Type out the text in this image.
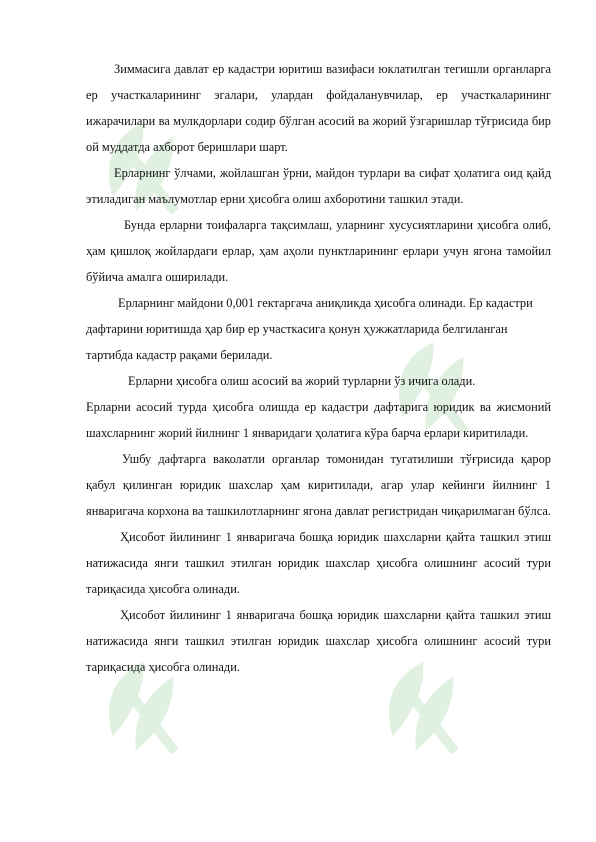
Зиммасига давлат ер кадастри юритиш вазифаси юклатилган тегишли органларга ер участкаларининг эгалари, улардан фойдаланувчилар, ер участкаларининг ижарачилари ва мулкдорлари содир бўлган асосий ва жорий ўзгаришлар тўғрисида бир ой муддатда ахборот беришлари шарт.

Ерларнинг ўлчами, жойлашган ўрни, майдон турлари ва сифат ҳолатига оид қайд этиладиган маълумотлар ерни ҳисобга олиш ахборотини ташкил этади.

Бунда ерларни тоифаларга тақсимлаш, уларнинг хусусиятларини ҳисобга олиб, ҳам қишлоқ жойлардаги ерлар, ҳам аҳоли пунктларининг ерлари учун ягона тамойил бўйича амалга оширилади.

Ерларнинг майдони 0,001 гектаргача аниқликда ҳисобга олинади. Ер кадастри дафтарини юритишда ҳар бир ер участкасига қонун ҳужжатларида белгиланган тартибда кадастр рақами берилади.

Ерларни ҳисобга олиш асосий ва жорий турларни ўз ичига олади.

Ерларни асосий турда ҳисобга олишда ер кадастри дафтарига юридик ва жисмоний шахсларнинг жорий йилнинг 1 январидаги ҳолатига кўра барча ерлари киритилади.

Ушбу дафтарга ваколатли органлар томонидан тугатилиши тўғрисида қарор қабул қилинган юридик шахслар ҳам киритилади, агар улар кейинги йилнинг 1 январигача корхона ва ташкилотларнинг ягона давлат регистридан чиқарилмаган бўлса.

Ҳисобот йилининг 1 январигача бошқа юридик шахсларни қайта ташкил этиш натижасида янги ташкил этилган юридик шахслар ҳисобга олишнинг асосий тури тариқасида ҳисобга олинади.

Ҳисобот йилининг 1 январигача бошқа юридик шахсларни қайта ташкил этиш натижасида янги ташкил этилган юридик шахслар ҳисобга олишнинг асосий тури тариқасида ҳисобга олинади.
